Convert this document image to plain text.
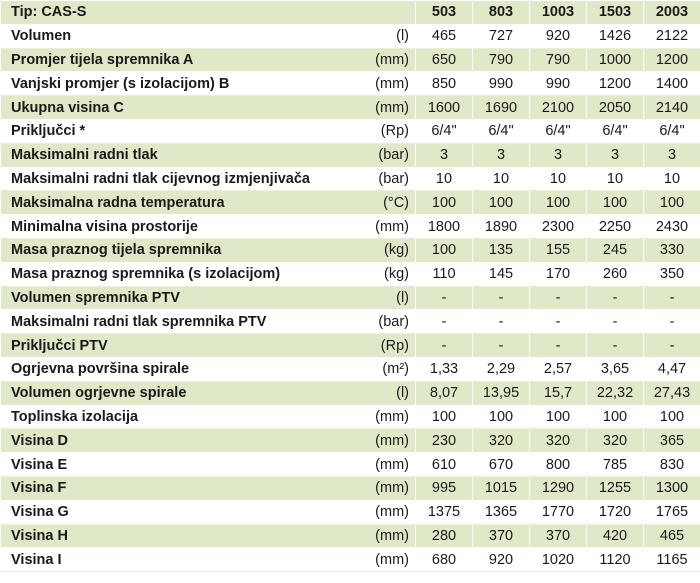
Tip: CAS-S		503	803	1003	1503	2003
Volumen	(l)	465	727	920	1426	2122
Promjer tijela spremnika A	(mm)	650	790	790	1000	1200
Vanjski promjer (s izolacijom) B	(mm)	850	990	990	1200	1400
Ukupna visina C	(mm)	1600	1690	2100	2050	2140
Priključci *	(Rp)	6/4"	6/4"	6/4"	6/4"	6/4"
Maksimalni radni tlak	(bar)	3	3	3	3	3
Maksimalni radni tlak cijevnog izmjenjivača	(bar)	10	10	10	10	10
Maksimalna radna temperatura	(°C)	100	100	100	100	100
Minimalna visina prostorije	(mm)	1800	1890	2300	2250	2430
Masa praznog tijela spremnika	(kg)	100	135	155	245	330
Masa praznog spremnika (s izolacijom)	(kg)	110	145	170	260	350
Volumen spremnika PTV	(l)	-	-	-	-	-
Maksimalni radni tlak spremnika PTV	(bar)	-	-	-	-	-
Priključci PTV	(Rp)	-	-	-	-	-
Ogrjevna površina spirale	(m²)	1,33	2,29	2,57	3,65	4,47
Volumen ogrjevne spirale	(l)	8,07	13,95	15,7	22,32	27,43
Toplinska izolacija	(mm)	100	100	100	100	100
Visina D	(mm)	230	320	320	320	365
Visina E	(mm)	610	670	800	785	830
Visina F	(mm)	995	1015	1290	1255	1300
Visina G	(mm)	1375	1365	1770	1720	1765
Visina H	(mm)	280	370	370	420	465
Visina I	(mm)	680	920	1020	1120	1165
